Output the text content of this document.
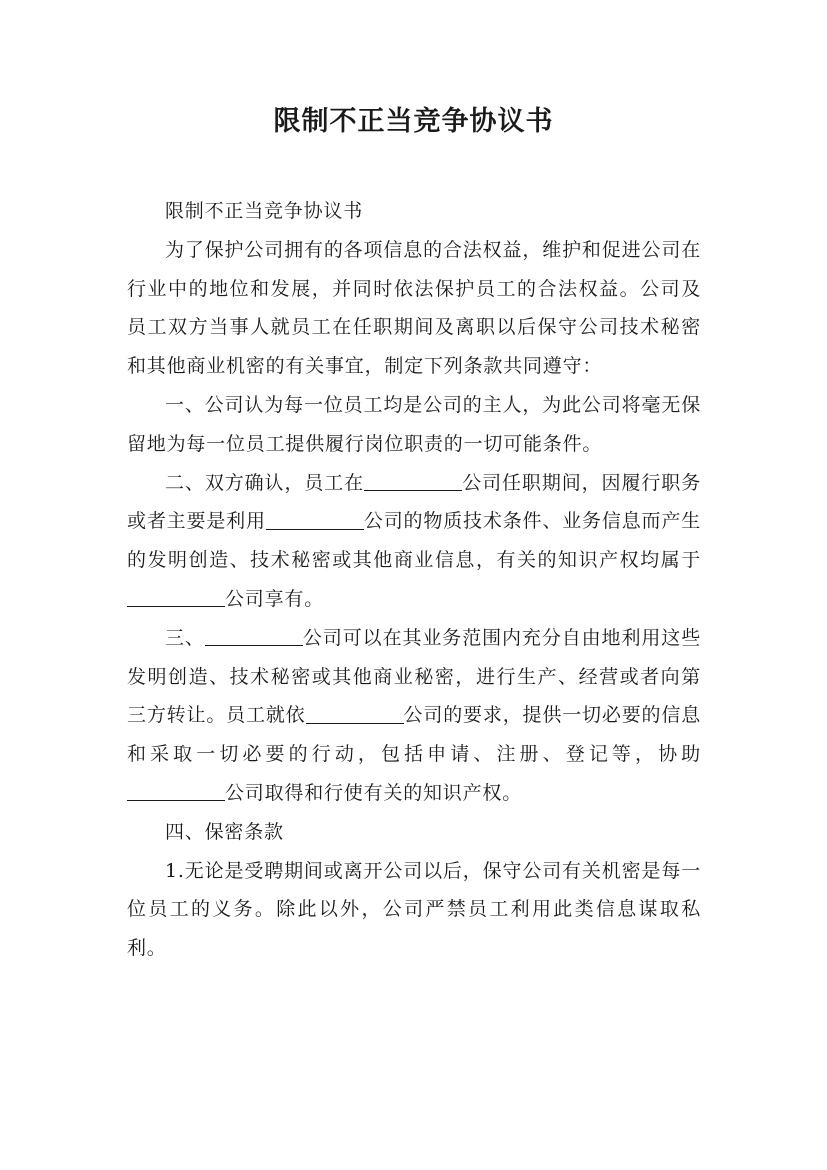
限制不正当竞争协议书

限制不正当竞争协议书

为了保护公司拥有的各项信息的合法权益，维护和促进公司在行业中的地位和发展，并同时依法保护员工的合法权益。公司及员工双方当事人就员工在任职期间及离职以后保守公司技术秘密和其他商业机密的有关事宜，制定下列条款共同遵守：

一、公司认为每一位员工均是公司的主人，为此公司将毫无保留地为每一位员工提供履行岗位职责的一切可能条件。

二、双方确认，员工在	公司任职期间，因履行职务或者主要是利用	公司的物质技术条件、业务信息而产生的发明创造、技术秘密或其他商业信息，有关的知识产权均属于公司享有。

三、	公司可以在其业务范围内充分自由地利用这些发明创造、技术秘密或其他商业秘密，进行生产、经营或者向第三方转让。员工就依	公司的要求，提供一切必要的信息和采取一切必要的行动，包括申请、注册、登记等，协助公司取得和行使有关的知识产权。

四、保密条款

1.无论是受聘期间或离开公司以后，保守公司有关机密是每一位员工的义务。除此以外，公司严禁员工利用此类信息谋取私利。
